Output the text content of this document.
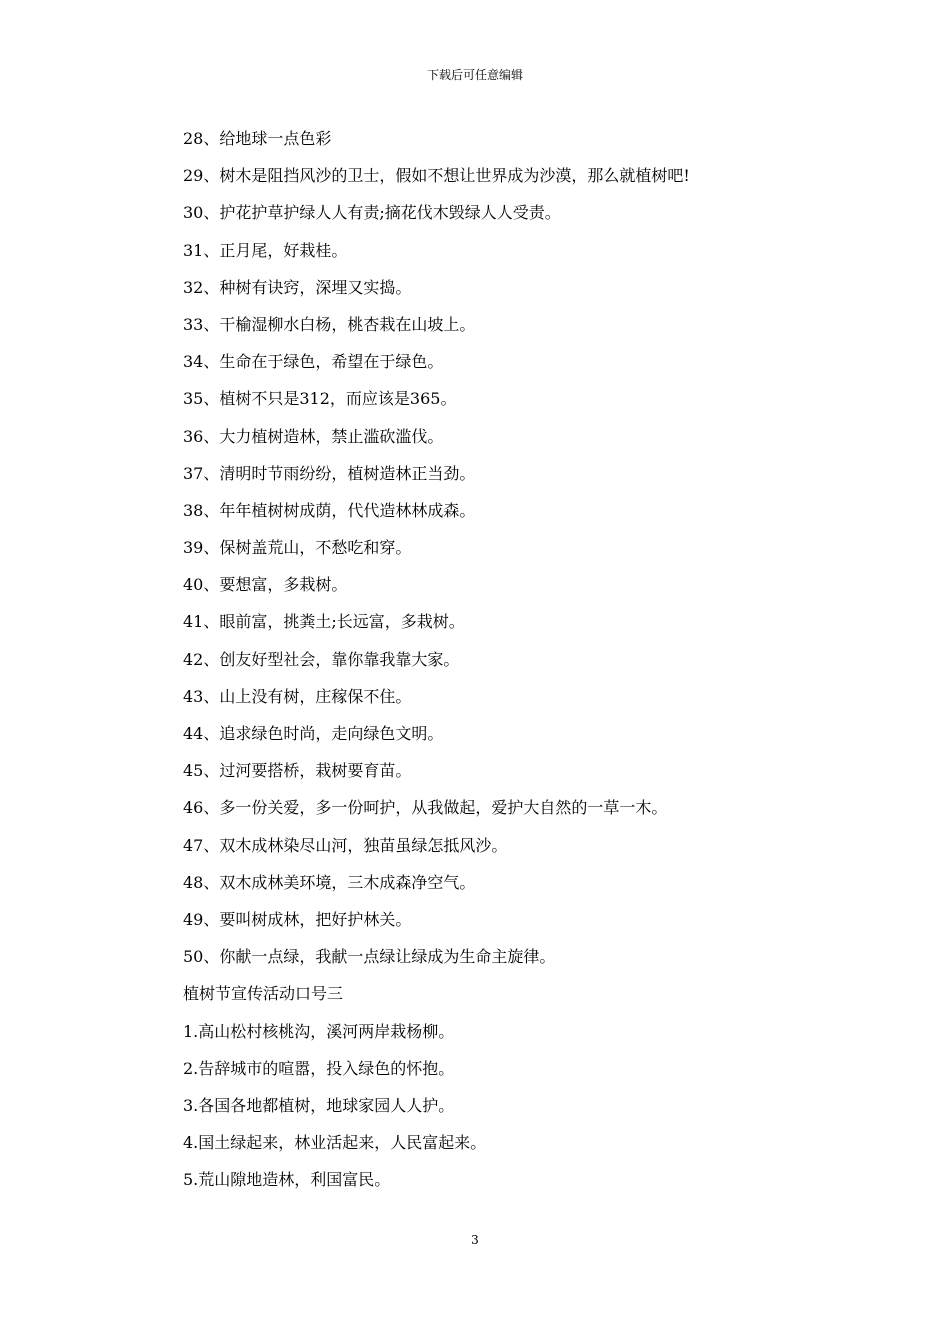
下载后可任意编辑
28、给地球一点色彩
29、树木是阻挡风沙的卫士，假如不想让世界成为沙漠，那么就植树吧!
30、护花护草护绿人人有责;摘花伐木毁绿人人受责。
31、正月尾，好栽桂。
32、种树有诀窍，深埋又实捣。
33、干榆湿柳水白杨，桃杏栽在山坡上。
34、生命在于绿色，希望在于绿色。
35、植树不只是312，而应该是365。
36、大力植树造林，禁止滥砍滥伐。
37、清明时节雨纷纷，植树造林正当劲。
38、年年植树树成荫，代代造林林成森。
39、保树盖荒山，不愁吃和穿。
40、要想富，多栽树。
41、眼前富，挑粪土;长远富，多栽树。
42、创友好型社会，靠你靠我靠大家。
43、山上没有树，庄稼保不住。
44、追求绿色时尚，走向绿色文明。
45、过河要搭桥，栽树要育苗。
46、多一份关爱，多一份呵护，从我做起，爱护大自然的一草一木。
47、双木成林染尽山河，独苗虽绿怎抵风沙。
48、双木成林美环境，三木成森净空气。
49、要叫树成林，把好护林关。
50、你献一点绿，我献一点绿让绿成为生命主旋律。
植树节宣传活动口号三
1.高山松村核桃沟，溪河两岸栽杨柳。
2.告辞城市的喧嚣，投入绿色的怀抱。
3.各国各地都植树，地球家园人人护。
4.国土绿起来，林业活起来，人民富起来。
5.荒山隙地造林，利国富民。
3
